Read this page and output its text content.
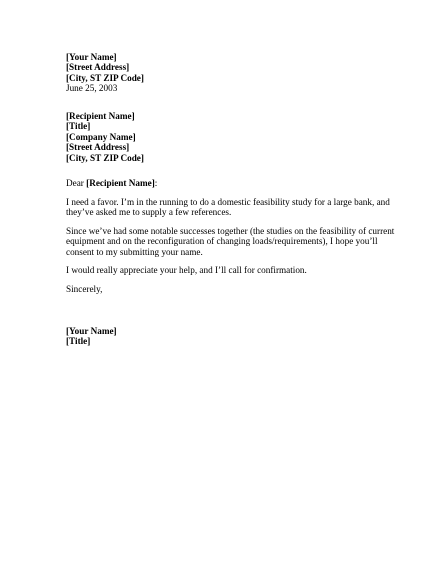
[Your Name]
[Street Address]
[City, ST ZIP Code]
June 25, 2003
[Recipient Name]
[Title]
[Company Name]
[Street Address]
[City, ST ZIP Code]
Dear [Recipient Name]:
I need a favor. I’m in the running to do a domestic feasibility study for a large bank, and they’ve asked me to supply a few references.
Since we’ve had some notable successes together (the studies on the feasibility of current equipment and on the reconfiguration of changing loads/requirements), I hope you’ll consent to my submitting your name.
I would really appreciate your help, and I’ll call for confirmation.
Sincerely,
[Your Name]
[Title]
